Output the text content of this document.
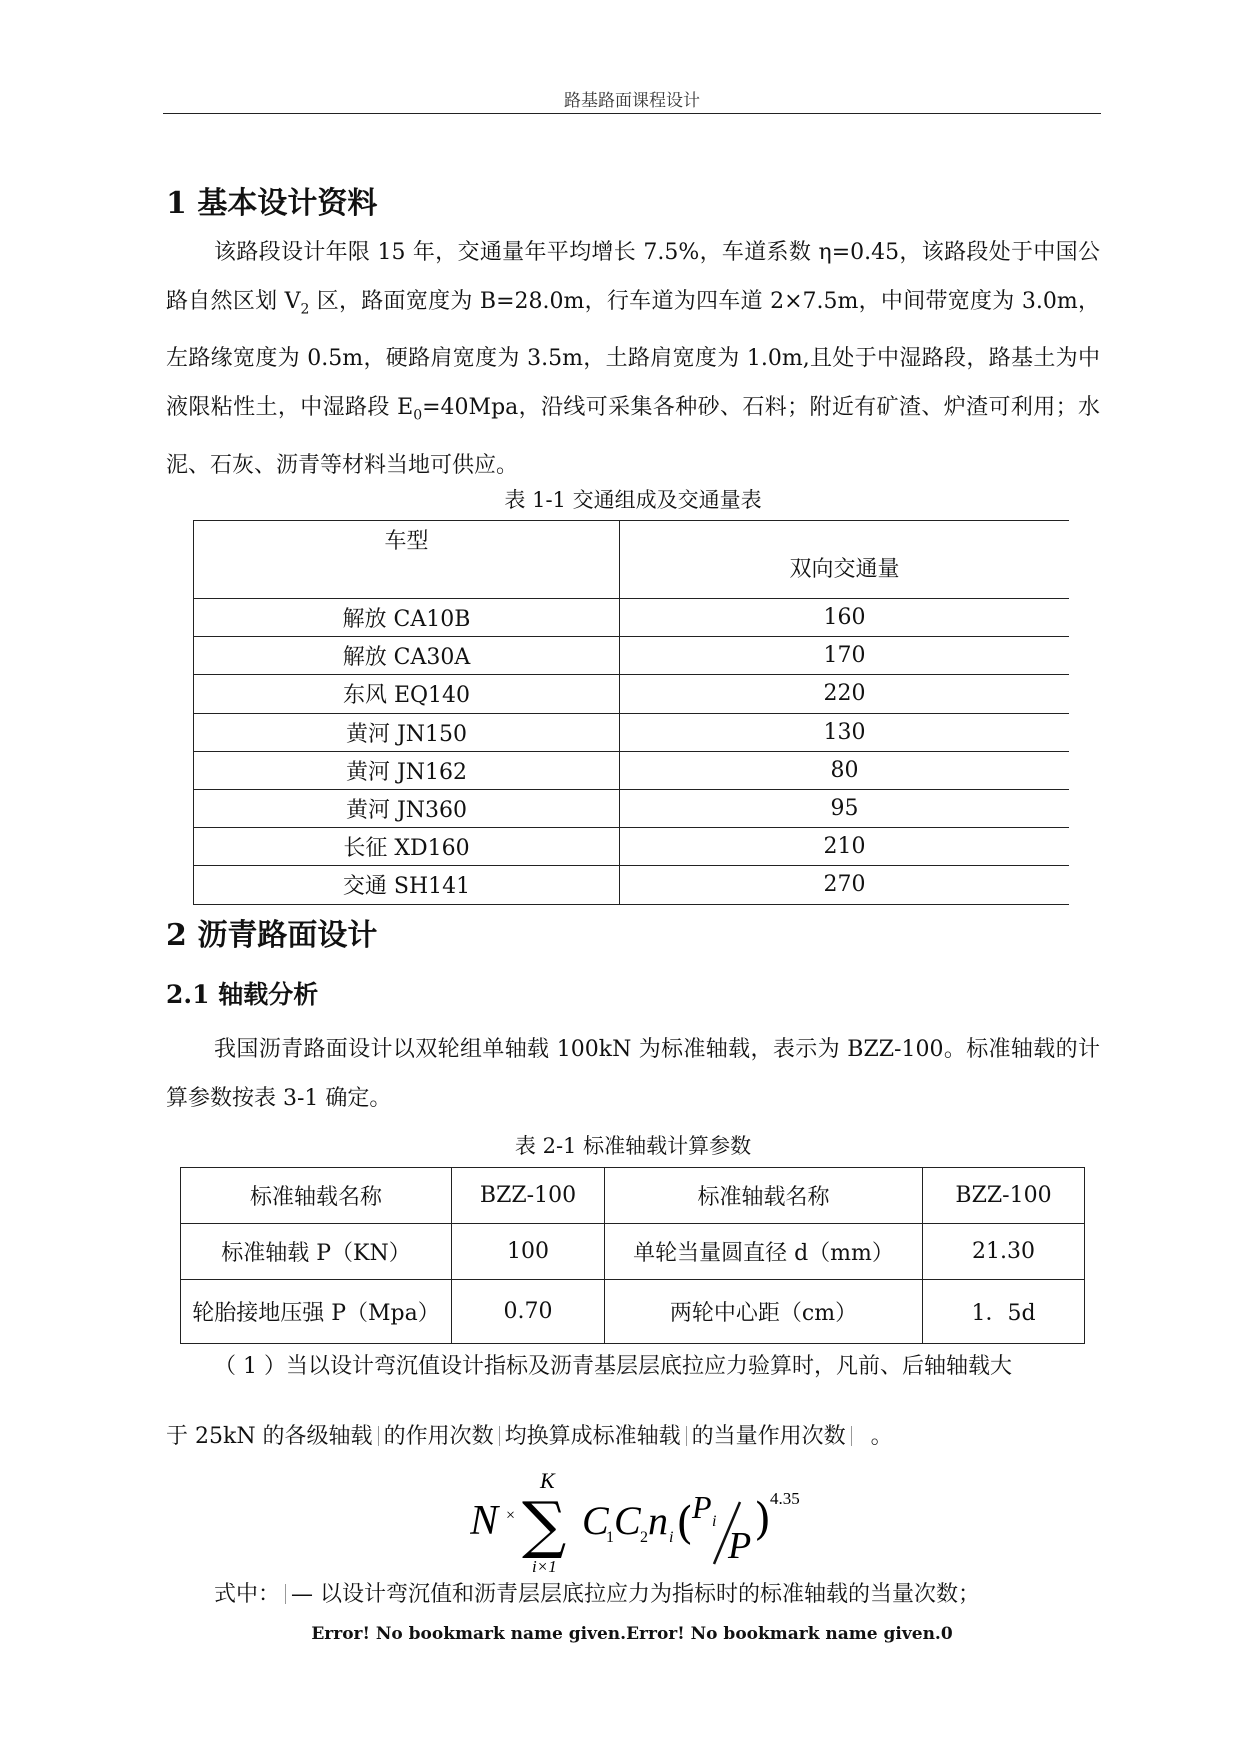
路基路面课程设计
1 基本设计资料
该路段设计年限 15 年，交通量年平均增长 7.5%，车道系数 η=0.45，该路段处于中国公路自然区划 $V_2$ 区，路面宽度为 B=28.0m，行车道为四车道 2×7.5m，中间带宽度为 3.0m，左路缘宽度为 0.5m，硬路肩宽度为 3.5m，土路肩宽度为 1.0m,且处于中湿路段，路基土为中液限粘性土，中湿路段 $E_0=40Mpa$，沿线可采集各种砂、石料；附近有矿渣、炉渣可利用；水泥、石灰、沥青等材料当地可供应。
表 1-1 交通组成及交通量表
车型	双向交通量
解放 CA10B	160
解放 CA30A	170
东风 EQ140	220
黄河 JN150	130
黄河 JN162	80
黄河 JN360	95
长征 XD160	210
交通 SH141	270
2 沥青路面设计
2.1 轴载分析
我国沥青路面设计以双轮组单轴载 100kN 为标准轴载，表示为 BZZ-100。标准轴载的计算参数按表 3-1 确定。
表 2-1 标准轴载计算参数
标准轴载名称	BZZ-100	标准轴载名称	BZZ-100
标准轴载 P（KN）	100	单轮当量圆直径 d（mm）	21.30
轮胎接地压强 P（Mpa）	0.70	两轮中心距（cm）	1．5d
（ 1 ）当以设计弯沉值设计指标及沥青基层层底拉应力验算时，凡前、后轴轴载大
于 25kN 的各级轴载 的作用次数 均换算成标准轴载 的当量作用次数 。
N ×
K
∑
i×1
C
1 C 2 n i (
P i
P
)
4.35
式中： — 以设计弯沉值和沥青层层底拉应力为指标时的标准轴载的当量次数；
Error! No bookmark name given.Error! No bookmark name given.0
